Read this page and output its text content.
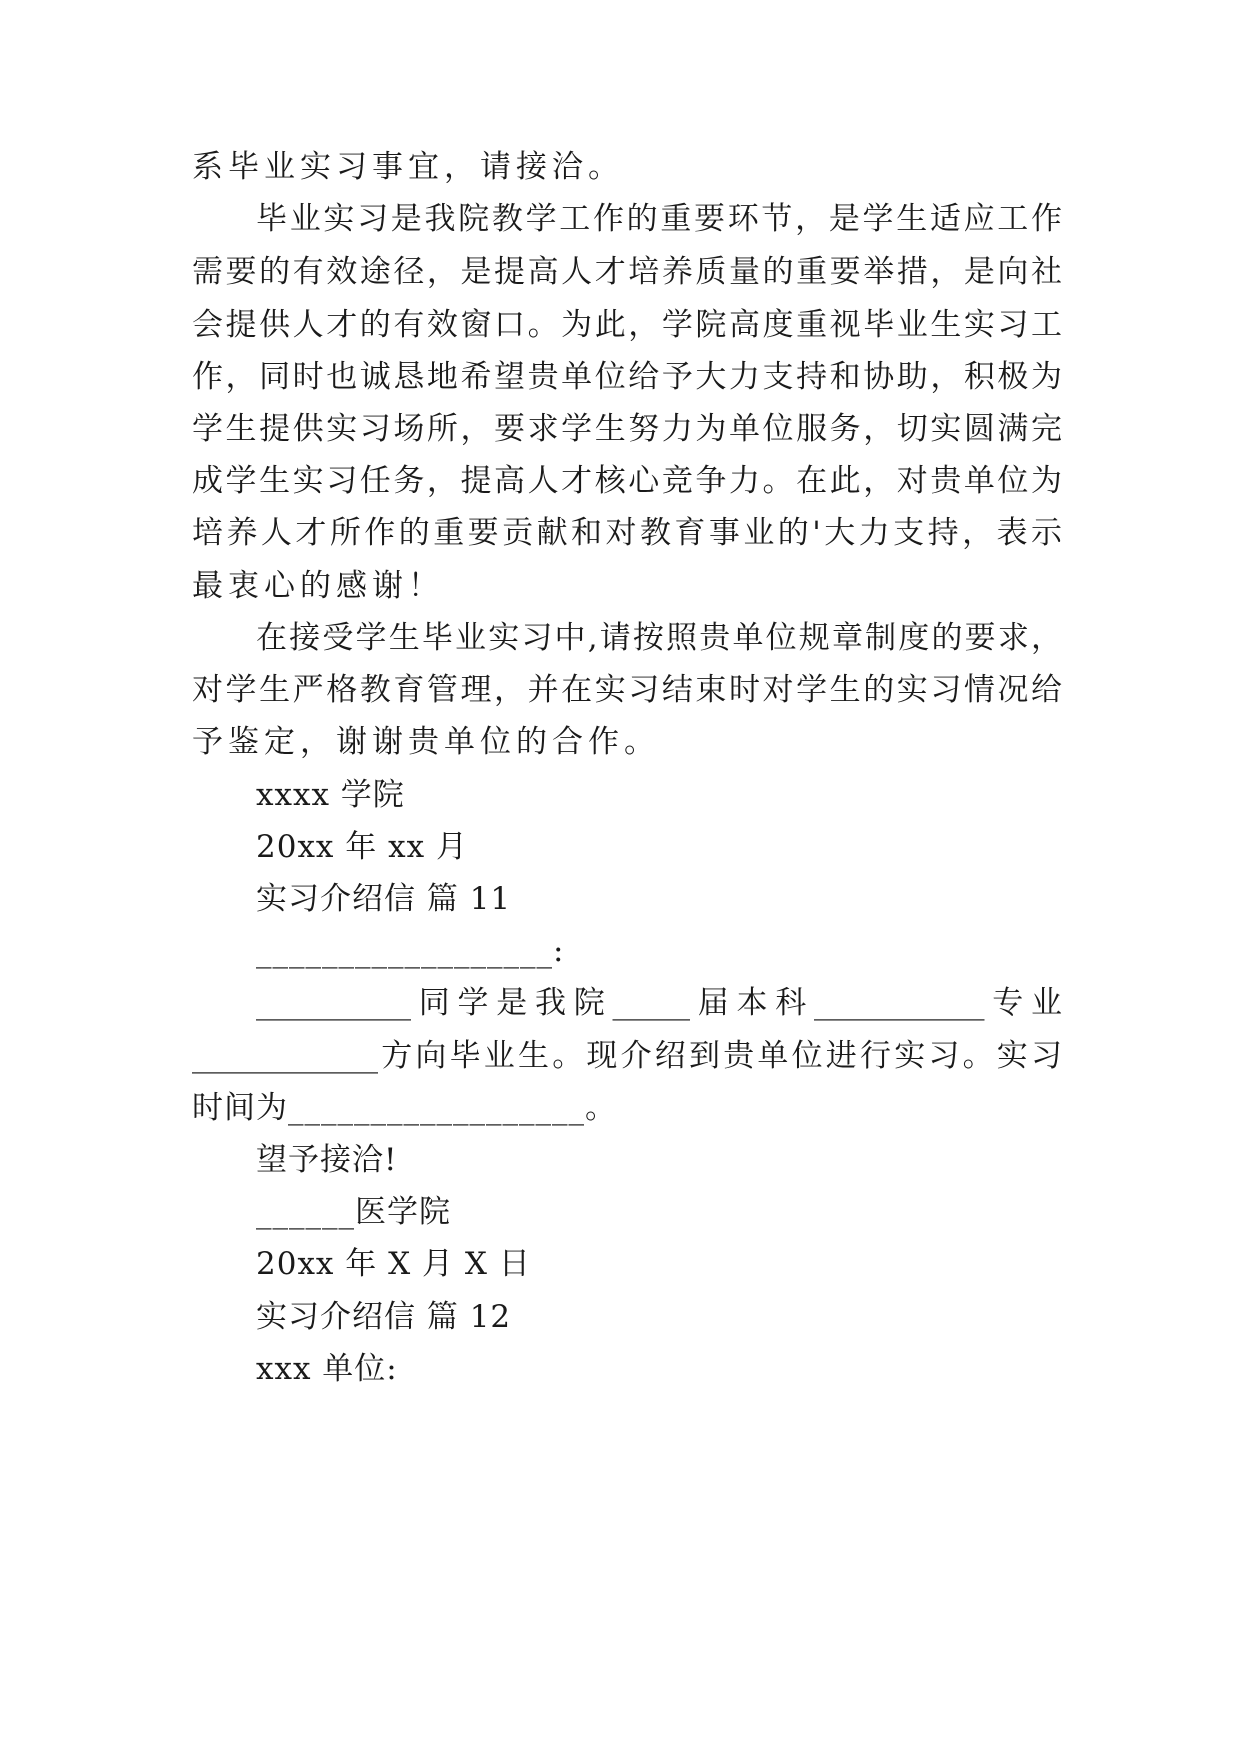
系毕业实习事宜，请接洽。
毕业实习是我院教学工作的重要环节，是学生适应工作
需要的有效途径，是提高人才培养质量的重要举措，是向社
会提供人才的有效窗口。为此，学院高度重视毕业生实习工
作，同时也诚恳地希望贵单位给予大力支持和协助，积极为
学生提供实习场所，要求学生努力为单位服务，切实圆满完
成学生实习任务，提高人才核心竞争力。在此，对贵单位为
培养人才所作的重要贡献和对教育事业的'大力支持，表示
最衷心的感谢！
在接受学生毕业实习中,请按照贵单位规章制度的要求，
对学生严格教育管理，并在实习结束时对学生的实习情况给
予鉴定，谢谢贵单位的合作。
xxxx 学院
20xx 年 xx 月
实习介绍信 篇 11
__________________:
__________同学是我院_____届本科___________专业
____________方向毕业生。现介绍到贵单位进行实习。实习
时间为__________________。
望予接洽!
______医学院
20xx 年 X 月 X 日
实习介绍信 篇 12
xxx 单位:
